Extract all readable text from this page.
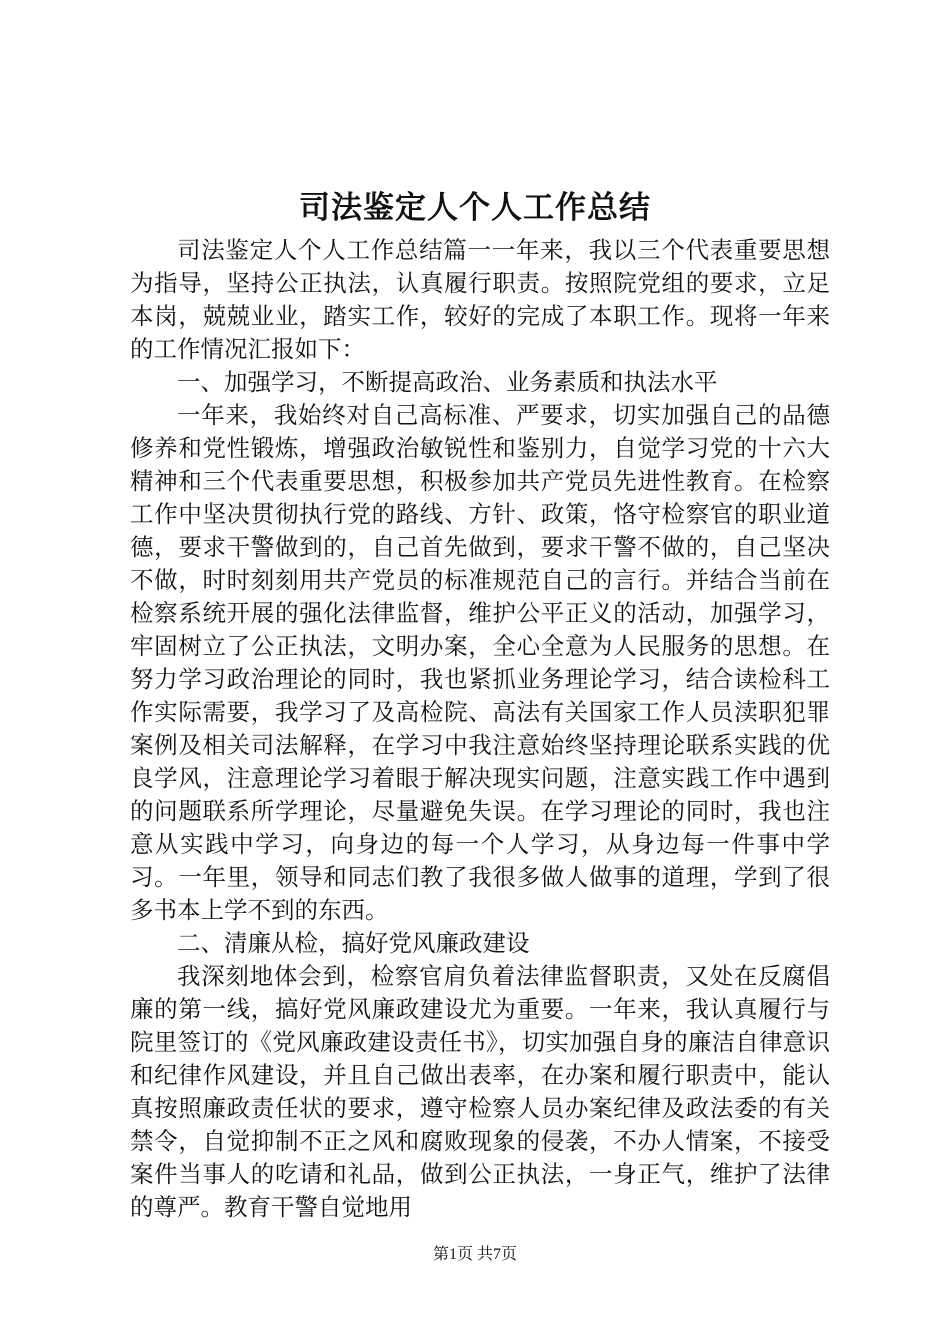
司法鉴定人个人工作总结

司法鉴定人个人工作总结篇一一年来，我以三个代表重要思想为指导，坚持公正执法，认真履行职责。按照院党组的要求，立足本岗，兢兢业业，踏实工作，较好的完成了本职工作。现将一年来的工作情况汇报如下：

一、加强学习，不断提高政治、业务素质和执法水平

一年来，我始终对自己高标准、严要求，切实加强自己的品德修养和党性锻炼，增强政治敏锐性和鉴别力，自觉学习党的十六大精神和三个代表重要思想，积极参加共产党员先进性教育。在检察工作中坚决贯彻执行党的路线、方针、政策，恪守检察官的职业道德，要求干警做到的，自己首先做到，要求干警不做的，自己坚决不做，时时刻刻用共产党员的标准规范自己的言行。并结合当前在检察系统开展的强化法律监督，维护公平正义的活动，加强学习，牢固树立了公正执法，文明办案，全心全意为人民服务的思想。在努力学习政治理论的同时，我也紧抓业务理论学习，结合读检科工作实际需要，我学习了及高检院、高法有关国家工作人员渎职犯罪案例及相关司法解释，在学习中我注意始终坚持理论联系实践的优良学风，注意理论学习着眼于解决现实问题，注意实践工作中遇到的问题联系所学理论，尽量避免失误。在学习理论的同时，我也注意从实践中学习，向身边的每一个人学习，从身边每一件事中学习。一年里，领导和同志们教了我很多做人做事的道理，学到了很多书本上学不到的东西。

二、清廉从检，搞好党风廉政建设

我深刻地体会到，检察官肩负着法律监督职责，又处在反腐倡廉的第一线，搞好党风廉政建设尤为重要。一年来，我认真履行与院里签订的《党风廉政建设责任书》，切实加强自身的廉洁自律意识和纪律作风建设，并且自己做出表率，在办案和履行职责中，能认真按照廉政责任状的要求，遵守检察人员办案纪律及政法委的有关禁令，自觉抑制不正之风和腐败现象的侵袭，不办人情案，不接受案件当事人的吃请和礼品，做到公正执法，一身正气，维护了法律的尊严。教育干警自觉地用

第1页 共7页
